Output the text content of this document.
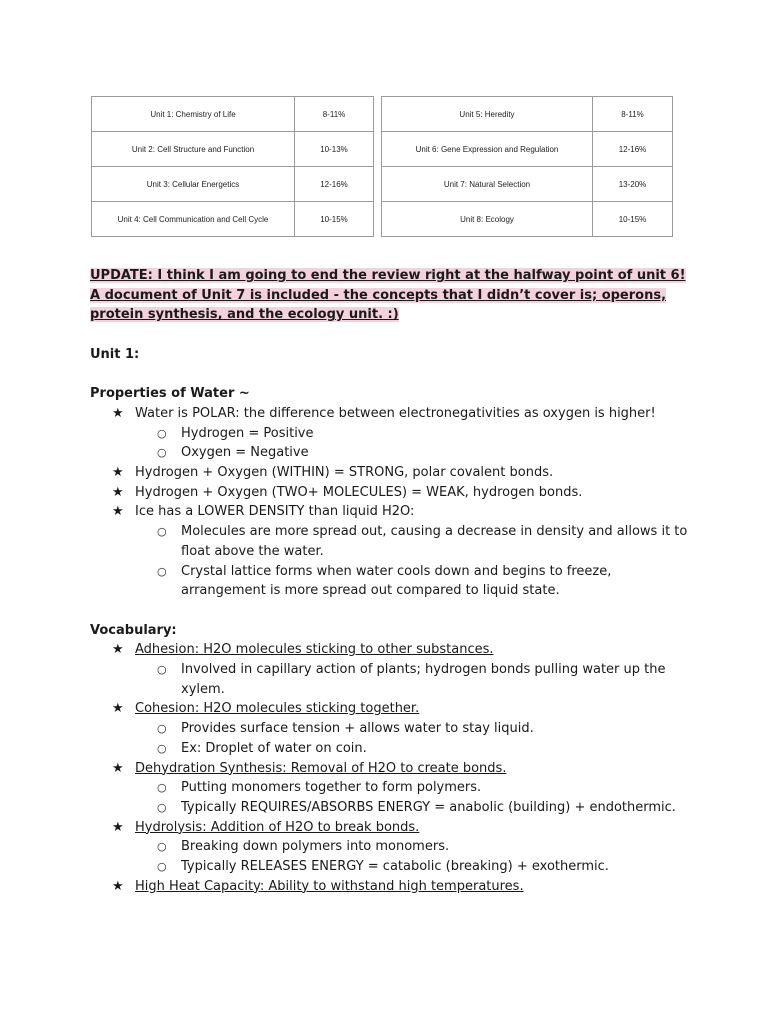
Unit 1: Chemistry of Life	8-11%
Unit 2: Cell Structure and Function	10-13%
Unit 3: Cellular Energetics	12-16%
Unit 4: Cell Communication and Cell Cycle	10-15%
Unit 5: Heredity	8-11%
Unit 6: Gene Expression and Regulation	12-16%
Unit 7: Natural Selection	13-20%
Unit 8: Ecology	10-15%
UPDATE: I think I am going to end the review right at the halfway point of unit 6! A document of Unit 7 is included - the concepts that I didn’t cover is; operons, protein synthesis, and the ecology unit. :)
Unit 1:
Properties of Water ~
★ Water is POLAR: the difference between electronegativities as oxygen is higher!
○ Hydrogen = Positive
○ Oxygen = Negative
★ Hydrogen + Oxygen (WITHIN) = STRONG, polar covalent bonds.
★ Hydrogen + Oxygen (TWO+ MOLECULES) = WEAK, hydrogen bonds.
★ Ice has a LOWER DENSITY than liquid H2O:
○ Molecules are more spread out, causing a decrease in density and allows it to float above the water.
○ Crystal lattice forms when water cools down and begins to freeze, arrangement is more spread out compared to liquid state.
Vocabulary:
★ Adhesion: H2O molecules sticking to other substances.
○ Involved in capillary action of plants; hydrogen bonds pulling water up the xylem.
★ Cohesion: H2O molecules sticking together.
○ Provides surface tension + allows water to stay liquid.
○ Ex: Droplet of water on coin.
★ Dehydration Synthesis: Removal of H2O to create bonds.
○ Putting monomers together to form polymers.
○ Typically REQUIRES/ABSORBS ENERGY = anabolic (building) + endothermic.
★ Hydrolysis: Addition of H2O to break bonds.
○ Breaking down polymers into monomers.
○ Typically RELEASES ENERGY = catabolic (breaking) + exothermic.
★ High Heat Capacity: Ability to withstand high temperatures.
